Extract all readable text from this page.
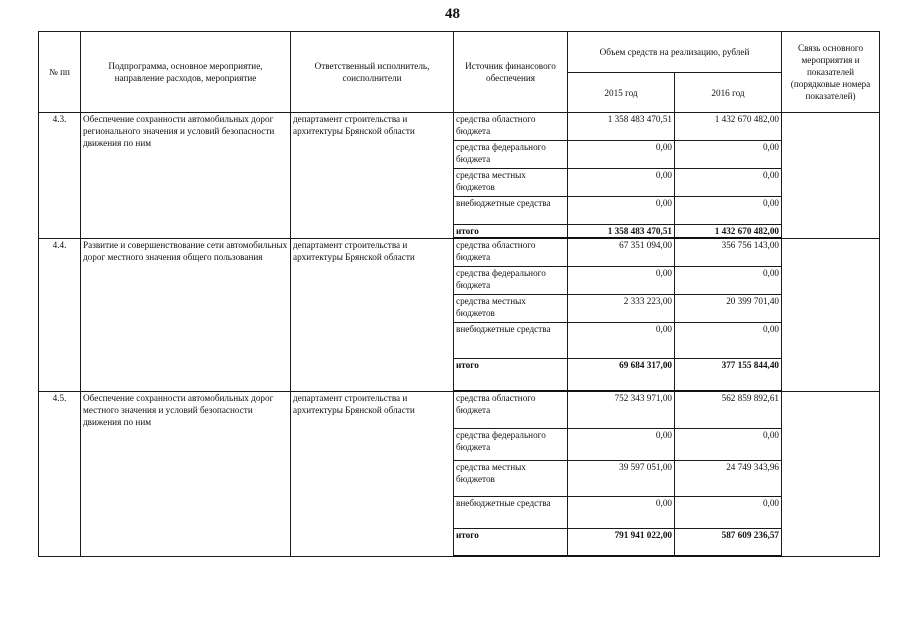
48
№ пп	Подпрограмма, основное мероприятие, направление расходов, мероприятие	Ответственный исполнитель, соисполнители	Источник финансового обеспечения	Объем средств на реализацию, рублей		Связь основного мероприятия и показателей (порядковые номера показателей)
				2015 год	2016 год	
4.3.	Обеспечение сохранности автомобильных дорог регионального значения и условий безопасности движения по ним	департамент строительства и архитектуры Брянской области	средства областного бюджета	1 358 483 470,51	1 432 670 482,00	
			средства федерального бюджета	0,00	0,00	
			средства местных бюджетов	0,00	0,00	
			внебюджетные средства	0,00	0,00	
			итого	1 358 483 470,51	1 432 670 482,00	
4.4.	Развитие и совершенствование сети автомобильных дорог местного значения общего пользования	департамент строительства и архитектуры Брянской области	средства областного бюджета	67 351 094,00	356 756 143,00	
			средства федерального бюджета	0,00	0,00	
			средства местных бюджетов	2 333 223,00	20 399 701,40	
			внебюджетные средства	0,00	0,00	
			итого	69 684 317,00	377 155 844,40	
4.5.	Обеспечение сохранности автомобильных дорог местного значения и условий безопасности движения по ним	департамент строительства и архитектуры Брянской области	средства областного бюджета	752 343 971,00	562 859 892,61	
			средства федерального бюджета	0,00	0,00	
			средства местных бюджетов	39 597 051,00	24 749 343,96	
			внебюджетные средства	0,00	0,00	
			итого	791 941 022,00	587 609 236,57	
